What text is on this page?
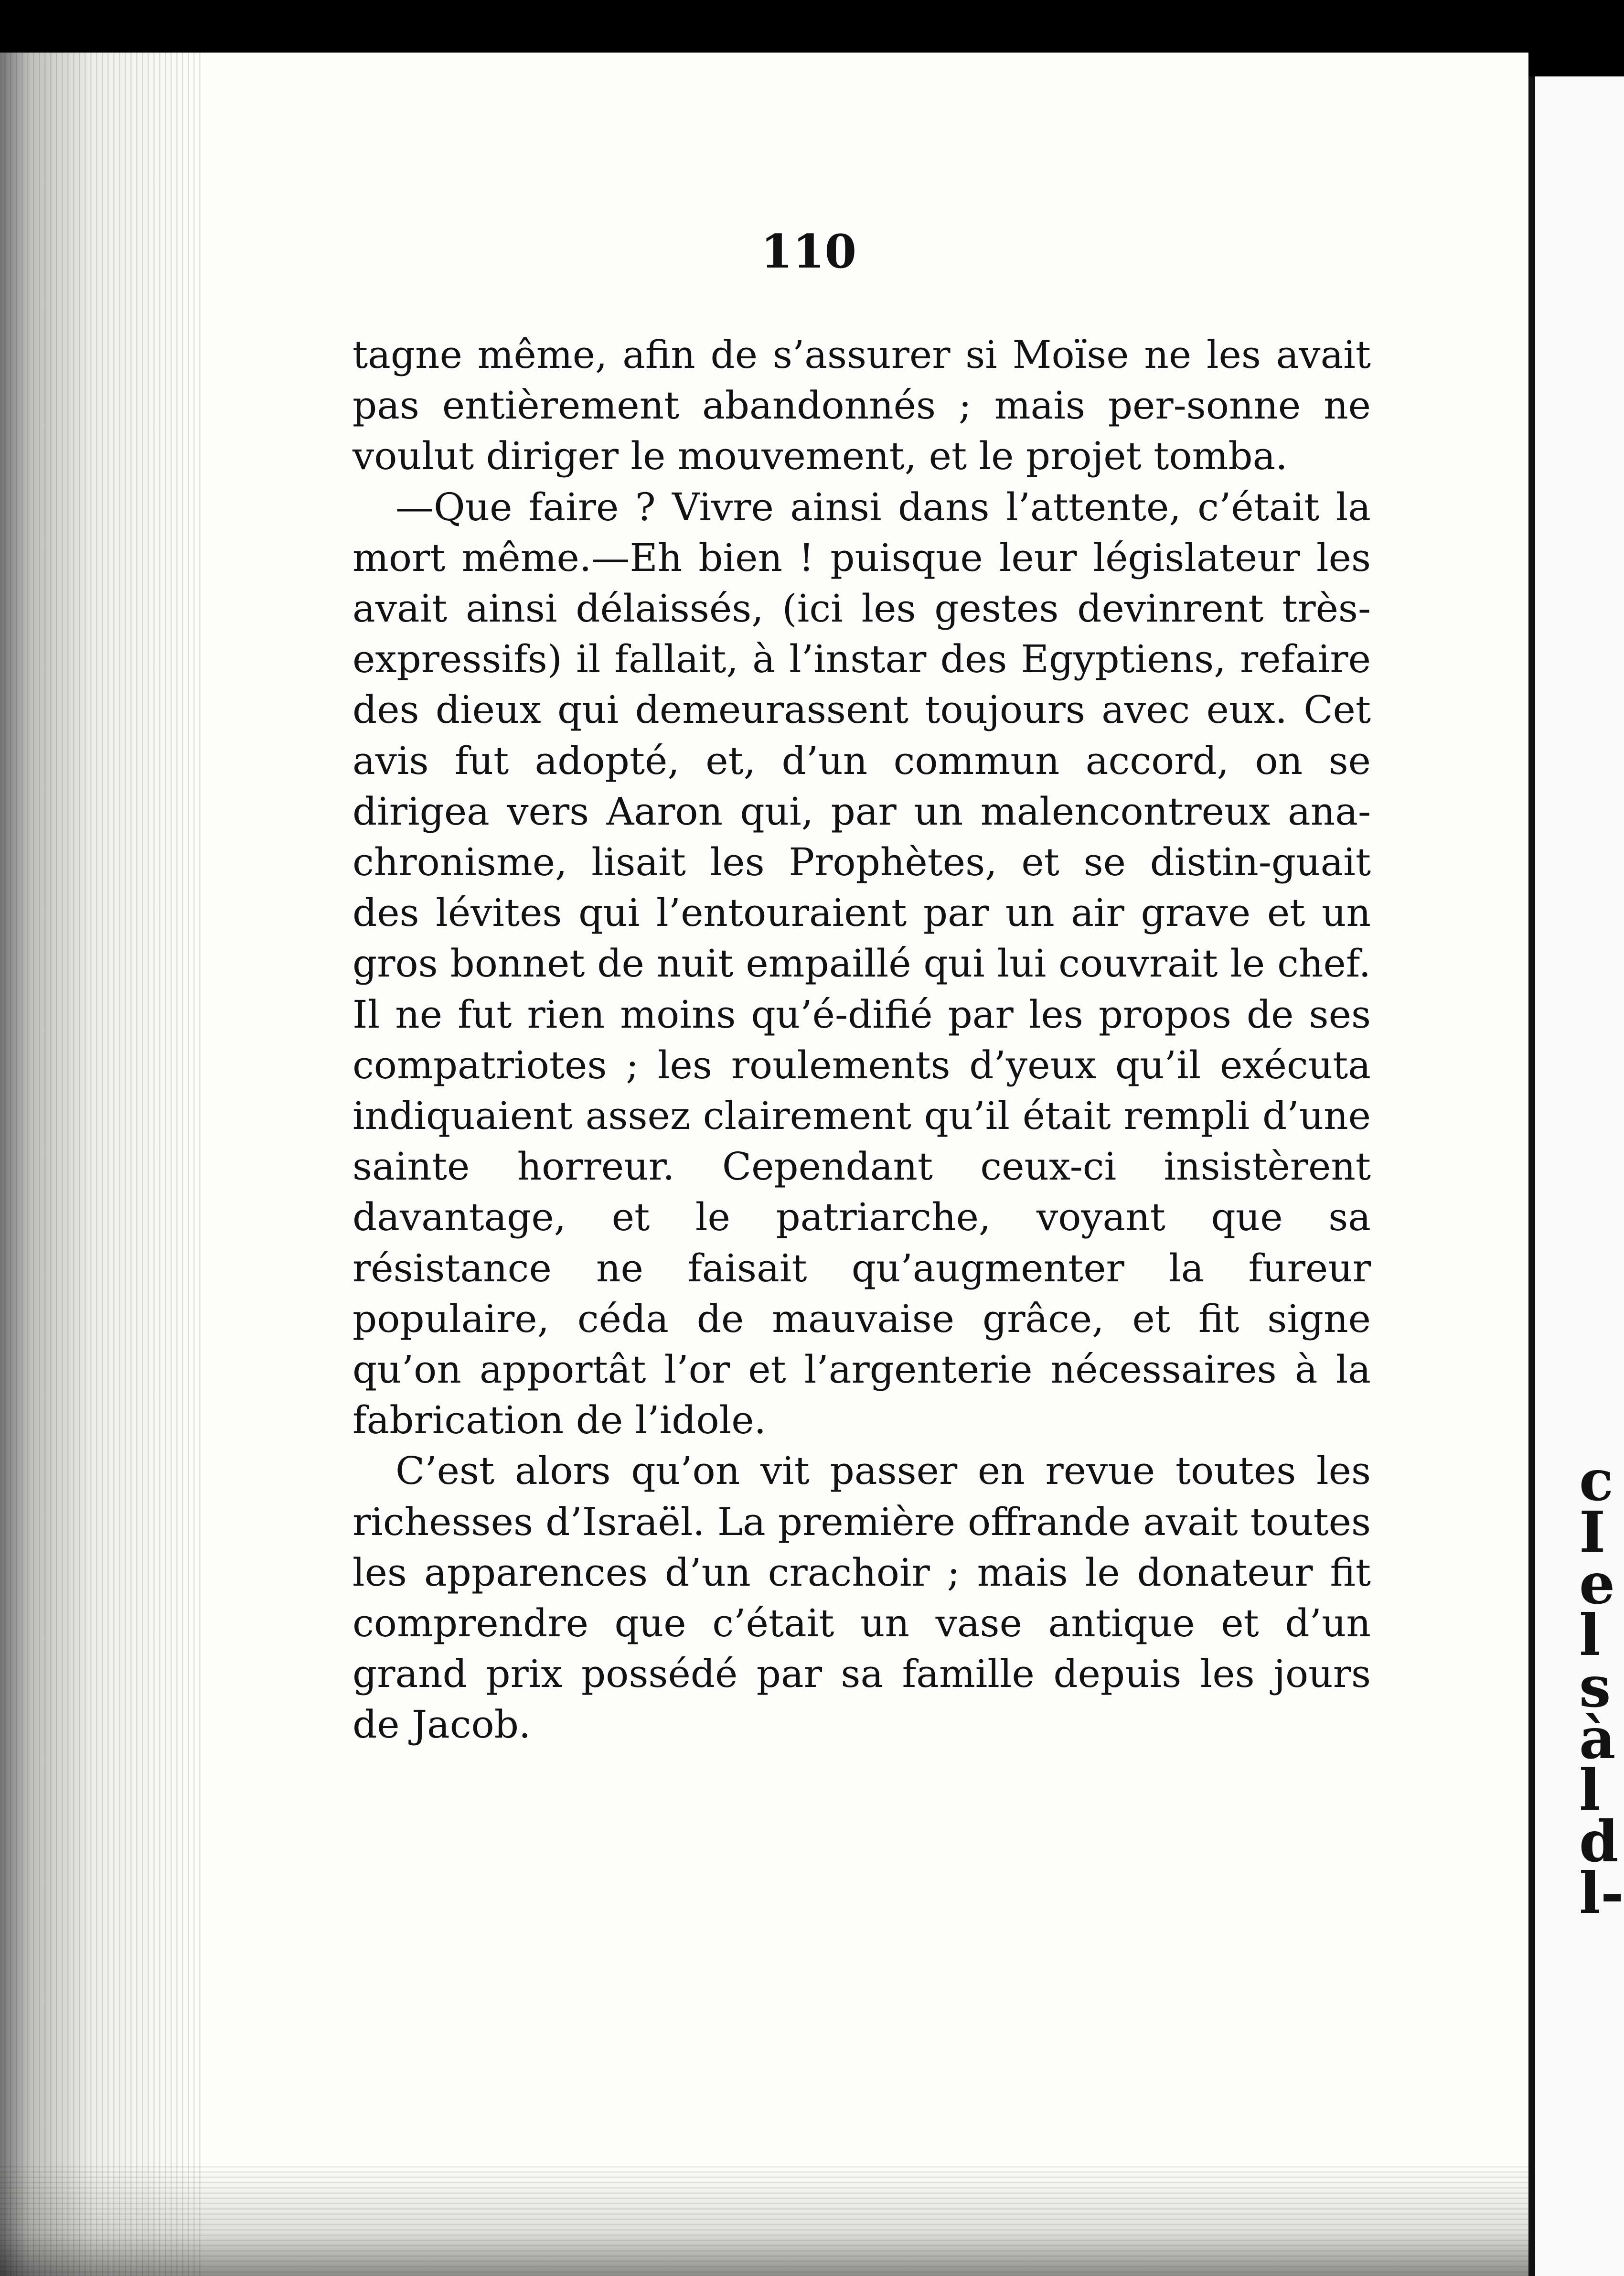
c
I
e
l
s
à
l
d
l-
110

tagne même, afin de s’assurer si Moïse ne les avait pas entièrement abandonnés ; mais per-sonne ne voulut diriger le mouvement, et le projet tomba.

—Que faire ? Vivre ainsi dans l’attente, c’était la mort même.—Eh bien ! puisque leur législateur les avait ainsi délaissés, (ici les gestes devinrent très-expressifs) il fallait, à l’instar des Egyptiens, refaire des dieux qui demeurassent toujours avec eux. Cet avis fut adopté, et, d’un commun accord, on se dirigea vers Aaron qui, par un malencontreux ana-chronisme, lisait les Prophètes, et se distin-guait des lévites qui l’entouraient par un air grave et un gros bonnet de nuit empaillé qui lui couvrait le chef. Il ne fut rien moins qu’é-difié par les propos de ses compatriotes ; les roulements d’yeux qu’il exécuta indiquaient assez clairement qu’il était rempli d’une sainte horreur. Cependant ceux-ci insistèrent davantage, et le patriarche, voyant que sa résistance ne faisait qu’augmenter la fureur populaire, céda de mauvaise grâce, et fit signe qu’on apportât l’or et l’argenterie nécessaires à la fabrication de l’idole.

C’est alors qu’on vit passer en revue toutes les richesses d’Israël. La première offrande avait toutes les apparences d’un crachoir ; mais le donateur fit comprendre que c’était un vase antique et d’un grand prix possédé par sa famille depuis les jours de Jacob.
